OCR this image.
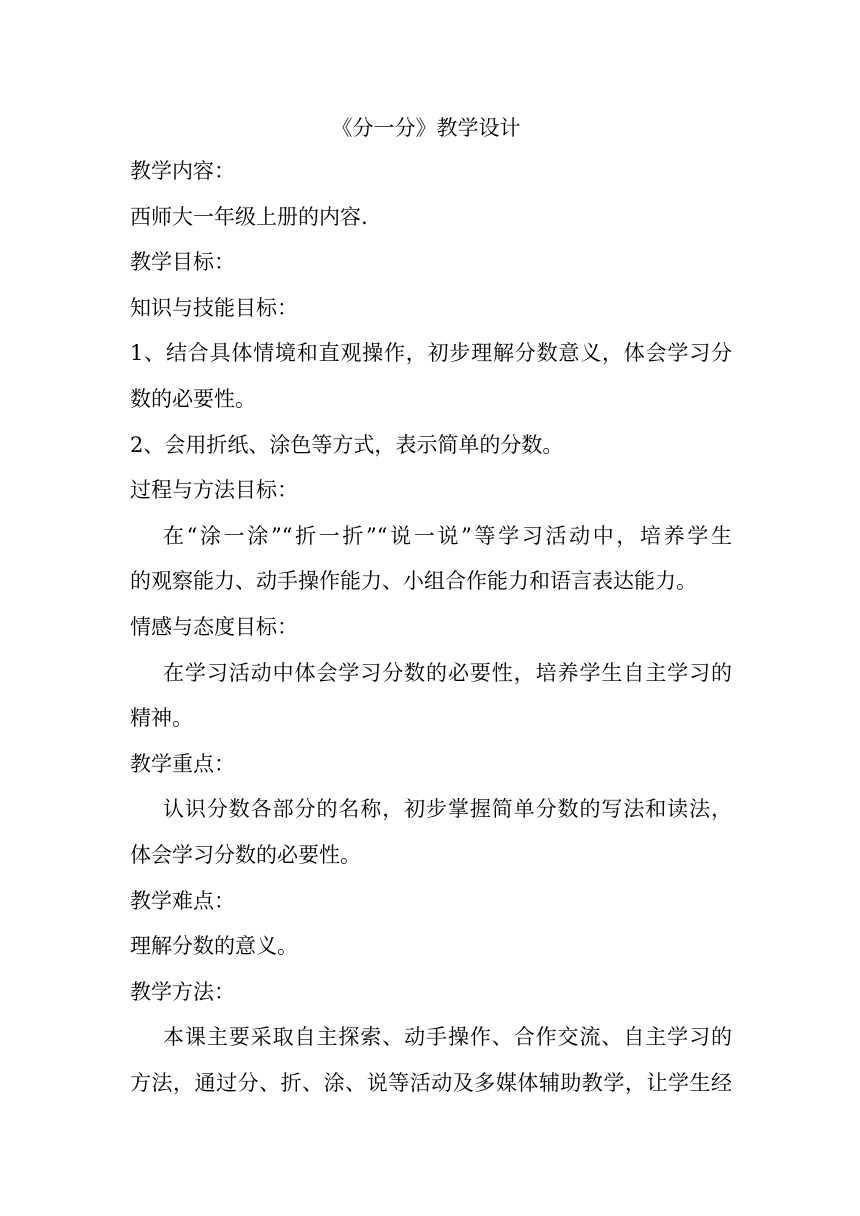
《分一分》教学设计
教学内容：
西师大一年级上册的内容.
教学目标：
知识与技能目标：
1、结合具体情境和直观操作，初步理解分数意义，体会学习分
数的必要性。
2、会用折纸、涂色等方式，表示简单的分数。
过程与方法目标：
在“涂一涂”“折一折”“说一说”等学习活动中，培养学生
的观察能力、动手操作能力、小组合作能力和语言表达能力。
情感与态度目标：
在学习活动中体会学习分数的必要性，培养学生自主学习的
精神。
教学重点：
认识分数各部分的名称，初步掌握简单分数的写法和读法，
体会学习分数的必要性。
教学难点：
理解分数的意义。
教学方法：
本课主要采取自主探索、动手操作、合作交流、自主学习的
方法，通过分、折、涂、说等活动及多媒体辅助教学，让学生经
